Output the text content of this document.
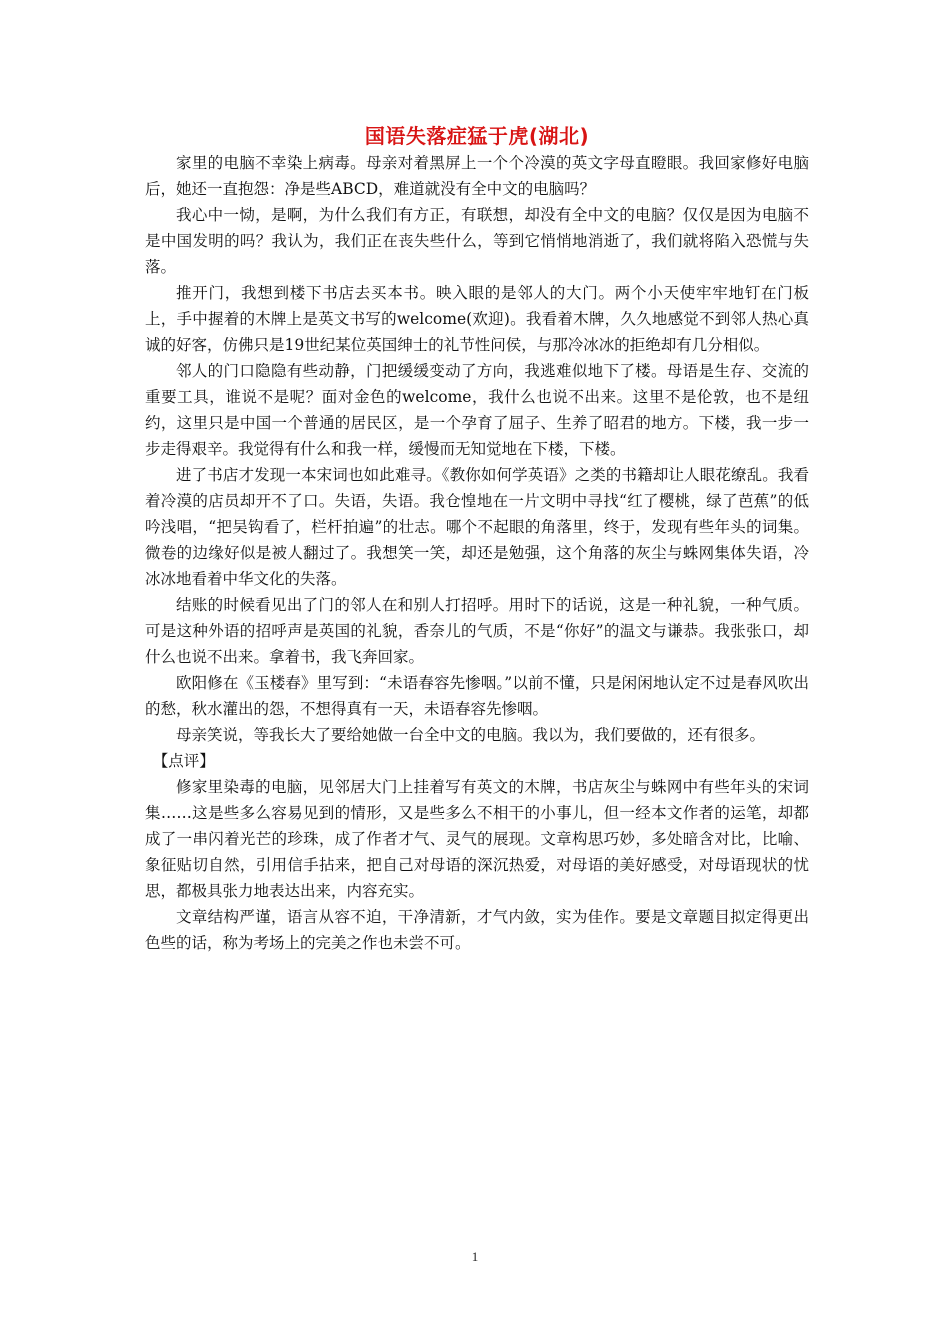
国语失落症猛于虎(湖北)

家里的电脑不幸染上病毒。母亲对着黑屏上一个个冷漠的英文字母直瞪眼。我回家修好电脑后，她还一直抱怨：净是些ABCD，难道就没有全中文的电脑吗？

我心中一恸，是啊，为什么我们有方正，有联想，却没有全中文的电脑？仅仅是因为电脑不是中国发明的吗？我认为，我们正在丧失些什么，等到它悄悄地消逝了，我们就将陷入恐慌与失落。

推开门，我想到楼下书店去买本书。映入眼的是邻人的大门。两个小天使牢牢地钉在门板上，手中握着的木牌上是英文书写的welcome(欢迎)。我看着木牌，久久地感觉不到邻人热心真诚的好客，仿佛只是19世纪某位英国绅士的礼节性问侯，与那冷冰冰的拒绝却有几分相似。

邻人的门口隐隐有些动静，门把缓缓变动了方向，我逃难似地下了楼。母语是生存、交流的重要工具，谁说不是呢？面对金色的welcome，我什么也说不出来。这里不是伦敦，也不是纽约，这里只是中国一个普通的居民区，是一个孕育了屈子、生养了昭君的地方。下楼，我一步一步走得艰辛。我觉得有什么和我一样，缓慢而无知觉地在下楼，下楼。

进了书店才发现一本宋词也如此难寻。《教你如何学英语》之类的书籍却让人眼花缭乱。我看着冷漠的店员却开不了口。失语，失语。我仓惶地在一片文明中寻找“红了樱桃，绿了芭蕉”的低吟浅唱，“把吴钩看了，栏杆拍遍”的壮志。哪个不起眼的角落里，终于，发现有些年头的词集。微卷的边缘好似是被人翻过了。我想笑一笑，却还是勉强，这个角落的灰尘与蛛网集体失语，冷冰冰地看着中华文化的失落。

结账的时候看见出了门的邻人在和别人打招呼。用时下的话说，这是一种礼貌，一种气质。可是这种外语的招呼声是英国的礼貌，香奈儿的气质，不是“你好”的温文与谦恭。我张张口，却什么也说不出来。拿着书，我飞奔回家。

欧阳修在《玉楼春》里写到：“未语春容先惨咽。”以前不懂，只是闲闲地认定不过是春风吹出的愁，秋水灌出的怨，不想得真有一天，未语春容先惨咽。

母亲笑说，等我长大了要给她做一台全中文的电脑。我以为，我们要做的，还有很多。

【点评】

修家里染毒的电脑，见邻居大门上挂着写有英文的木牌，书店灰尘与蛛网中有些年头的宋词集……这是些多么容易见到的情形，又是些多么不相干的小事儿，但一经本文作者的运笔，却都成了一串闪着光芒的珍珠，成了作者才气、灵气的展现。文章构思巧妙，多处暗含对比，比喻、象征贴切自然，引用信手拈来，把自己对母语的深沉热爱，对母语的美好感受，对母语现状的忧思，都极具张力地表达出来，内容充实。

文章结构严谨，语言从容不迫，干净清新，才气内敛，实为佳作。要是文章题目拟定得更出色些的话，称为考场上的完美之作也未尝不可。

1
